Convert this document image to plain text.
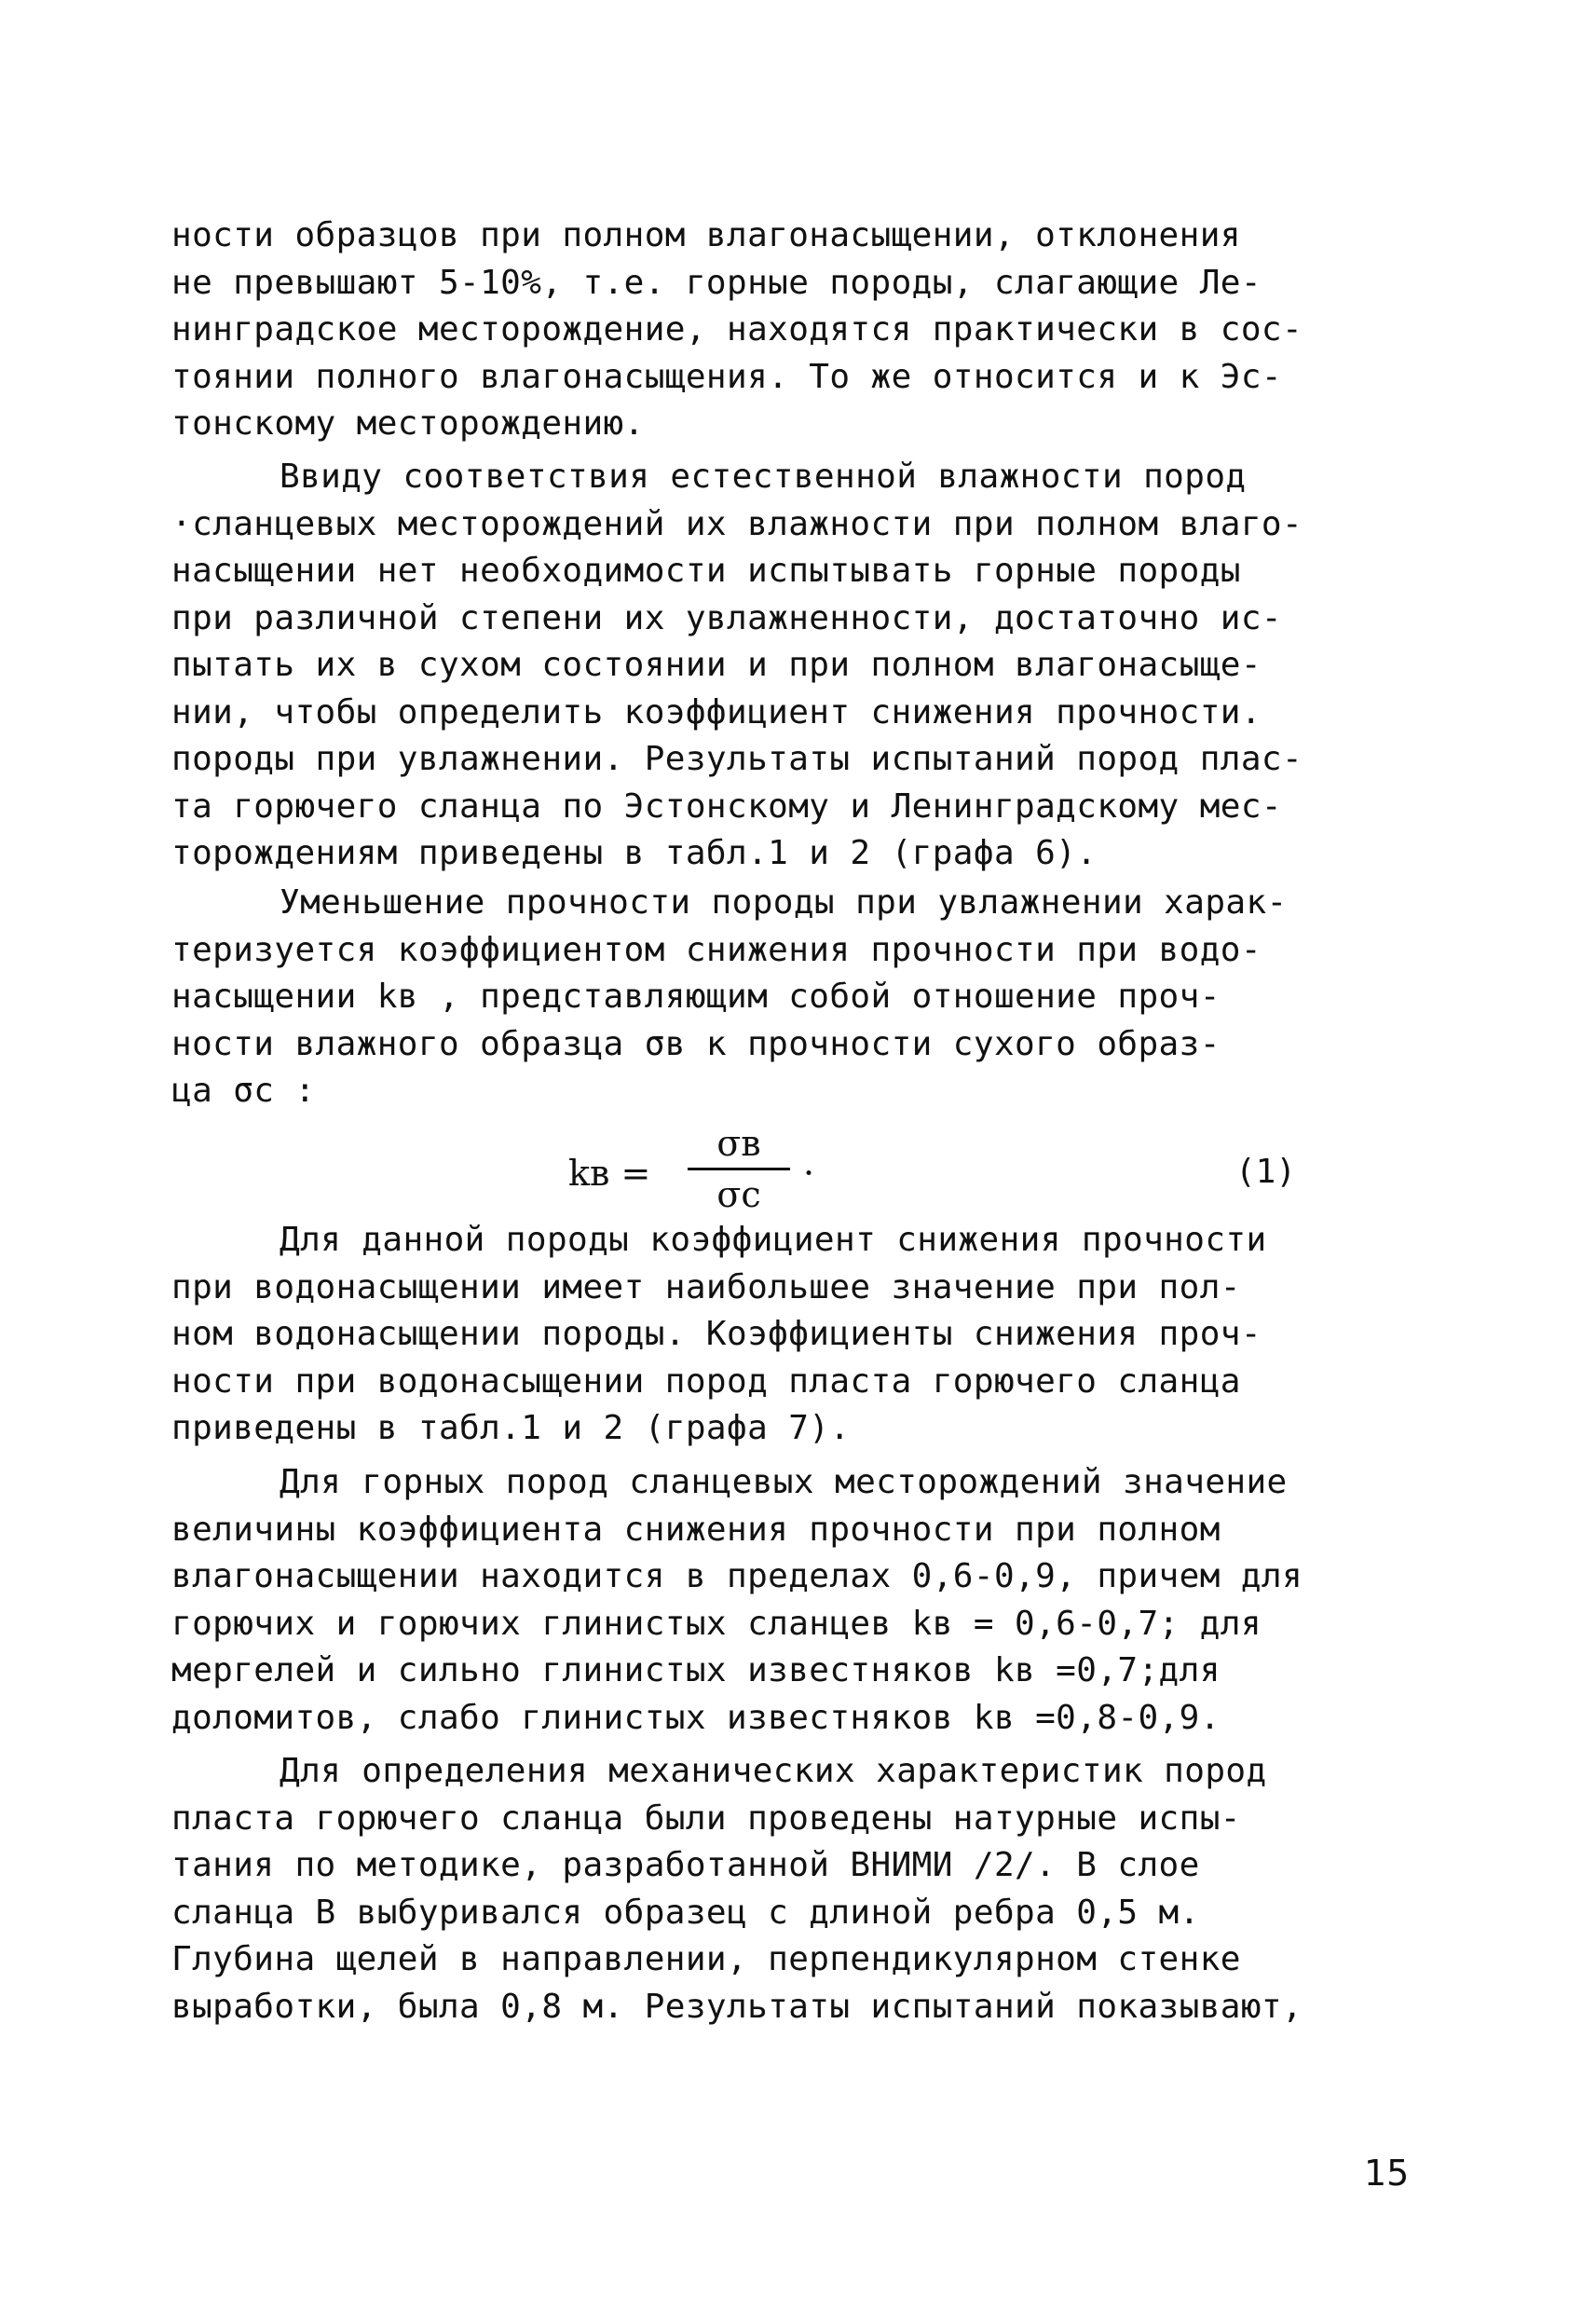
ности образцов при полном влагонасыщении, отклонения
не превышают 5-10%, т.е. горные породы, слагающие Ле-
нинградское месторождение, находятся практически в сос-
тоянии полного влагонасыщения. То же относится и к Эс-
тонскому месторождению.
Ввиду соответствия естественной влажности пород
·сланцевых месторождений их влажности при полном влаго-
насыщении нет необходимости испытывать горные породы
при различной степени их увлажненности, достаточно ис-
пытать их в сухом состоянии и при полном влагонасыще-
нии, чтобы определить коэффициент снижения прочности.
породы при увлажнении. Результаты испытаний пород плас-
та горючего сланца по Эстонскому и Ленинградскому мес-
торождениям приведены в табл.1 и 2 (графа 6).
Уменьшение прочности породы при увлажнении харак-
теризуется коэффициентом снижения прочности при водо-
насыщении kв , представляющим собой отношение проч-
ности влажного образца σв к прочности сухого образ-
ца σс :
kв =
σв
σс
·	(1)
Для данной породы коэффициент снижения прочности
при водонасыщении имеет наибольшее значение при пол-
ном водонасыщении породы. Коэффициенты снижения проч-
ности при водонасыщении пород пласта горючего сланца
приведены в табл.1 и 2 (графа 7).
Для горных пород сланцевых месторождений значение
величины коэффициента снижения прочности при полном
влагонасыщении находится в пределах 0,6-0,9, причем для
горючих и горючих глинистых сланцев kв = 0,6-0,7; для
мергелей и сильно глинистых известняков kв =0,7;для
доломитов, слабо глинистых известняков kв =0,8-0,9.
Для определения механических характеристик пород
пласта горючего сланца были проведены натурные испы-
тания по методике, разработанной ВНИМИ /2/. В слое
сланца B выбуривался образец с длиной ребра 0,5 м.
Глубина щелей в направлении, перпендикулярном стенке
выработки, была 0,8 м. Результаты испытаний показывают,
15
